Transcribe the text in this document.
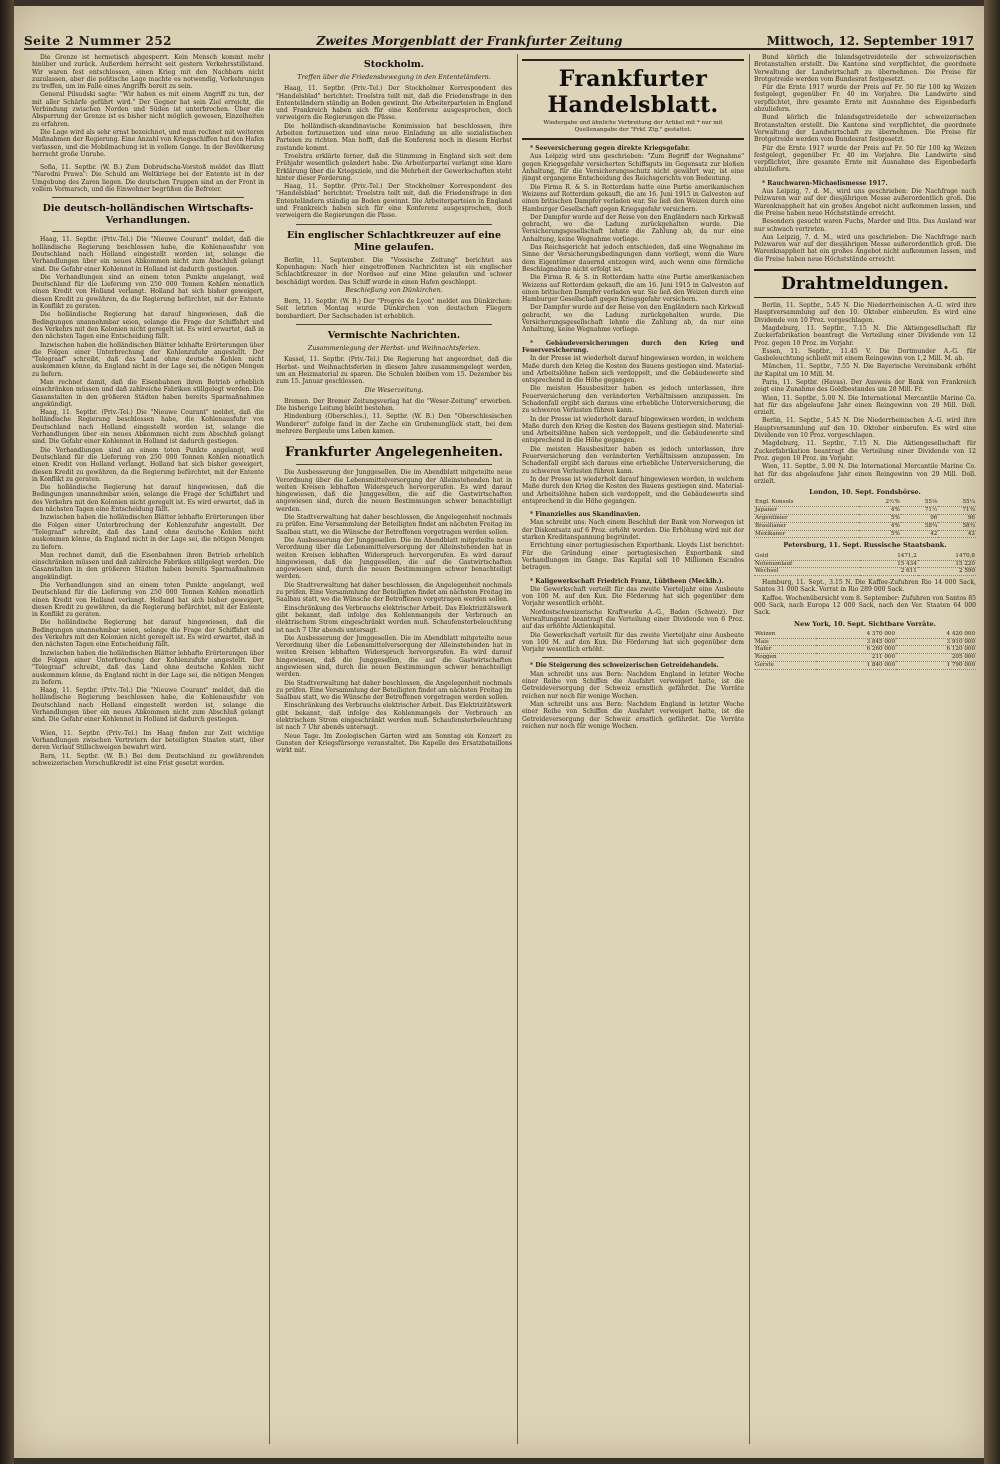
Seite 2 Nummer 252	Zweites Morgenblatt der Frankfurter Zeitung	Mittwoch, 12. September 1917

Die Grenze ist hermetisch abgesperrt. Kein Mensch kommt mehr hinüber und zurück. Außerdem herrscht seit gestern Verkehrsstillstand. Wir waren fest entschlossen, einen Krieg mit den Nachbarn nicht zuzulassen, aber die politische Lage machte es notwendig, Vorkehrungen zu treffen, um im Falle eines Angriffs bereit zu sein.

General Pilsudski sagte: "Wir haben es mit einem Angriff zu tun, der mit aller Schärfe geführt wird." Der Gegner hat sein Ziel erreicht, die Verbindung zwischen Norden und Süden ist unterbrochen. Über die Absperrung der Grenze ist es bisher nicht möglich gewesen, Einzelheiten zu erfahren.

Die Lage wird als sehr ernst bezeichnet, und man rechnet mit weiteren Maßnahmen der Regierung. Eine Anzahl von Kriegsschiffen hat den Hafen verlassen, und die Mobilmachung ist in vollem Gange. In der Bevölkerung herrscht große Unruhe.

Sofia, 11. Septbr. (W. B.) Zum Dobrudscha-Vorstoß meldet das Blatt "Narodni Prawa": Die Schuld am Weltkriege bei der Entente ist in der Umgebung des Zaren liegen. Die deutschen Truppen sind an der Front in vollem Vormarsch, und die Einwohner begrüßen die Befreier.

Die deutsch-holländischen Wirtschafts-Verhandlungen.

Haag, 11. Septbr. (Priv.-Tel.) Die "Nieuwe Courant" meldet, daß die holländische Regierung beschlossen habe, die Kohlenausfuhr von Deutschland nach Holland eingestellt worden ist, solange die Verhandlungen über ein neues Abkommen nicht zum Abschluß gelangt sind. Die Gefahr einer Kohlennot in Holland ist dadurch gestiegen.

Die Verhandlungen sind an einem toten Punkte angelangt, weil Deutschland für die Lieferung von 250 000 Tonnen Kohlen monatlich einen Kredit von Holland verlangt. Holland hat sich bisher geweigert, diesen Kredit zu gewähren, da die Regierung befürchtet, mit der Entente in Konflikt zu geraten.

Die holländische Regierung hat darauf hingewiesen, daß die Bedingungen unannehmbar seien, solange die Frage der Schiffahrt und des Verkehrs mit den Kolonien nicht geregelt ist. Es wird erwartet, daß in den nächsten Tagen eine Entscheidung fällt.

Inzwischen haben die holländischen Blätter lebhafte Erörterungen über die Folgen einer Unterbrechung der Kohlenzufuhr angestellt. Der "Telegraaf" schreibt, daß das Land ohne deutsche Kohlen nicht auskommen könne, da England nicht in der Lage sei, die nötigen Mengen zu liefern.

Man rechnet damit, daß die Eisenbahnen ihren Betrieb erheblich einschränken müssen und daß zahlreiche Fabriken stillgelegt werden. Die Gasanstalten in den größeren Städten haben bereits Sparmaßnahmen angekündigt.

Haag, 11. Septbr. (Priv.-Tel.) Die "Nieuwe Courant" meldet, daß die holländische Regierung beschlossen habe, die Kohlenausfuhr von Deutschland nach Holland eingestellt worden ist, solange die Verhandlungen über ein neues Abkommen nicht zum Abschluß gelangt sind. Die Gefahr einer Kohlennot in Holland ist dadurch gestiegen.

Die Verhandlungen sind an einem toten Punkte angelangt, weil Deutschland für die Lieferung von 250 000 Tonnen Kohlen monatlich einen Kredit von Holland verlangt. Holland hat sich bisher geweigert, diesen Kredit zu gewähren, da die Regierung befürchtet, mit der Entente in Konflikt zu geraten.

Die holländische Regierung hat darauf hingewiesen, daß die Bedingungen unannehmbar seien, solange die Frage der Schiffahrt und des Verkehrs mit den Kolonien nicht geregelt ist. Es wird erwartet, daß in den nächsten Tagen eine Entscheidung fällt.

Inzwischen haben die holländischen Blätter lebhafte Erörterungen über die Folgen einer Unterbrechung der Kohlenzufuhr angestellt. Der "Telegraaf" schreibt, daß das Land ohne deutsche Kohlen nicht auskommen könne, da England nicht in der Lage sei, die nötigen Mengen zu liefern.

Man rechnet damit, daß die Eisenbahnen ihren Betrieb erheblich einschränken müssen und daß zahlreiche Fabriken stillgelegt werden. Die Gasanstalten in den größeren Städten haben bereits Sparmaßnahmen angekündigt.

Die Verhandlungen sind an einem toten Punkte angelangt, weil Deutschland für die Lieferung von 250 000 Tonnen Kohlen monatlich einen Kredit von Holland verlangt. Holland hat sich bisher geweigert, diesen Kredit zu gewähren, da die Regierung befürchtet, mit der Entente in Konflikt zu geraten.

Die holländische Regierung hat darauf hingewiesen, daß die Bedingungen unannehmbar seien, solange die Frage der Schiffahrt und des Verkehrs mit den Kolonien nicht geregelt ist. Es wird erwartet, daß in den nächsten Tagen eine Entscheidung fällt.

Inzwischen haben die holländischen Blätter lebhafte Erörterungen über die Folgen einer Unterbrechung der Kohlenzufuhr angestellt. Der "Telegraaf" schreibt, daß das Land ohne deutsche Kohlen nicht auskommen könne, da England nicht in der Lage sei, die nötigen Mengen zu liefern.

Haag, 11. Septbr. (Priv.-Tel.) Die "Nieuwe Courant" meldet, daß die holländische Regierung beschlossen habe, die Kohlenausfuhr von Deutschland nach Holland eingestellt worden ist, solange die Verhandlungen über ein neues Abkommen nicht zum Abschluß gelangt sind. Die Gefahr einer Kohlennot in Holland ist dadurch gestiegen.

Wien, 11. Septbr. (Priv.-Tel.) Im Haag finden zur Zeit wichtige Verhandlungen zwischen Vertretern der beteiligten Staaten statt, über deren Verlauf Stillschweigen bewahrt wird.

Bern, 11. Septbr. (W. B.) Bei dem Deutschland zu gewährenden schweizerischen Vorschußkredit ist eine Frist gesetzt worden.

Stockholm.
Treffen über die Friedensbewegung in den Ententeländern.

Haag, 11. Septbr. (Priv.-Tel.) Der Stockholmer Korrespondent des "Handelsblad" berichtet: Troelstra teilt mit, daß die Friedensfrage in den Ententeländern ständig an Boden gewinnt. Die Arbeiterparteien in England und Frankreich haben sich für eine Konferenz ausgesprochen, doch verweigern die Regierungen die Pässe.

Die holländisch-skandinavische Kommission hat beschlossen, ihre Arbeiten fortzusetzen und eine neue Einladung an alle sozialistischen Parteien zu richten. Man hofft, daß die Konferenz noch in diesem Herbst zustande kommt.

Troelstra erklärte ferner, daß die Stimmung in England sich seit dem Frühjahr wesentlich geändert habe. Die Arbeiterpartei verlangt eine klare Erklärung über die Kriegsziele, und die Mehrheit der Gewerkschaften steht hinter dieser Forderung.

Haag, 11. Septbr. (Priv.-Tel.) Der Stockholmer Korrespondent des "Handelsblad" berichtet: Troelstra teilt mit, daß die Friedensfrage in den Ententeländern ständig an Boden gewinnt. Die Arbeiterparteien in England und Frankreich haben sich für eine Konferenz ausgesprochen, doch verweigern die Regierungen die Pässe.

Ein englischer Schlachtkreuzer auf eine Mine gelaufen.

Berlin, 11. September. Die "Vossische Zeitung" berichtet aus Kopenhagen: Nach hier eingetroffenen Nachrichten ist ein englischer Schlachtkreuzer in der Nordsee auf eine Mine gelaufen und schwer beschädigt worden. Das Schiff wurde in einen Hafen geschleppt.

Beschießung von Dünkirchen.

Bern, 11. Septbr. (W. B.) Der "Progrès de Lyon" meldet aus Dünkirchen: Seit letzten Montag wurde Dünkirchen von deutschen Fliegern bombardiert. Der Sachschaden ist erheblich.

Vermischte Nachrichten.
Zusammenlegung der Herbst- und Weihnachtsferien.

Kassel, 11. Septbr. (Priv.-Tel.) Die Regierung hat angeordnet, daß die Herbst- und Weihnachtsferien in diesem Jahre zusammengelegt werden, um an Heizmaterial zu sparen. Die Schulen bleiben vom 15. Dezember bis zum 15. Januar geschlossen.

Die Weserzeitung.

Bremen. Der Bremer Zeitungsverlag hat die "Weser-Zeitung" erworben. Die bisherige Leitung bleibt bestehen.

Hindenburg (Oberschles.), 11. Septbr. (W. B.) Den "Oberschlesischen Wanderer" zufolge fand in der Zeche ein Grubenunglück statt, bei dem mehrere Bergleute ums Leben kamen.

Frankfurter Angelegenheiten.

Die Ausbesserung der Junggesellen. Die im Abendblatt mitgeteilte neue Verordnung über die Lebensmittelversorgung der Alleinstehenden hat in weiten Kreisen lebhaften Widerspruch hervorgerufen. Es wird darauf hingewiesen, daß die Junggesellen, die auf die Gastwirtschaften angewiesen sind, durch die neuen Bestimmungen schwer benachteiligt werden.

Die Stadtverwaltung hat daher beschlossen, die Angelegenheit nochmals zu prüfen. Eine Versammlung der Beteiligten findet am nächsten Freitag im Saalbau statt, wo die Wünsche der Betroffenen vorgetragen werden sollen.

Die Ausbesserung der Junggesellen. Die im Abendblatt mitgeteilte neue Verordnung über die Lebensmittelversorgung der Alleinstehenden hat in weiten Kreisen lebhaften Widerspruch hervorgerufen. Es wird darauf hingewiesen, daß die Junggesellen, die auf die Gastwirtschaften angewiesen sind, durch die neuen Bestimmungen schwer benachteiligt werden.

Die Stadtverwaltung hat daher beschlossen, die Angelegenheit nochmals zu prüfen. Eine Versammlung der Beteiligten findet am nächsten Freitag im Saalbau statt, wo die Wünsche der Betroffenen vorgetragen werden sollen.

Einschränkung des Verbrauchs elektrischer Arbeit. Das Elektrizitätswerk gibt bekannt, daß infolge des Kohlenmangels der Verbrauch an elektrischem Strom eingeschränkt werden muß. Schaufensterbeleuchtung ist nach 7 Uhr abends untersagt.

Die Ausbesserung der Junggesellen. Die im Abendblatt mitgeteilte neue Verordnung über die Lebensmittelversorgung der Alleinstehenden hat in weiten Kreisen lebhaften Widerspruch hervorgerufen. Es wird darauf hingewiesen, daß die Junggesellen, die auf die Gastwirtschaften angewiesen sind, durch die neuen Bestimmungen schwer benachteiligt werden.

Die Stadtverwaltung hat daher beschlossen, die Angelegenheit nochmals zu prüfen. Eine Versammlung der Beteiligten findet am nächsten Freitag im Saalbau statt, wo die Wünsche der Betroffenen vorgetragen werden sollen.

Einschränkung des Verbrauchs elektrischer Arbeit. Das Elektrizitätswerk gibt bekannt, daß infolge des Kohlenmangels der Verbrauch an elektrischem Strom eingeschränkt werden muß. Schaufensterbeleuchtung ist nach 7 Uhr abends untersagt.

Neue Tage. Im Zoologischen Garten wird am Sonntag ein Konzert zu Gunsten der Kriegsfürsorge veranstaltet. Die Kapelle des Ersatzbataillons wirkt mit.

Frankfurter Handelsblatt.
Wiedergabe und ähnliche Verbreitung der Artikel mit * nur mit Quellenangabe der "Frkf. Ztg." gestattet.

* Seeversicherung gegen direkte Kriegsgefahr.

Aus Leipzig wird uns geschrieben: "Zum Begriff der Wegnahme" gegen Kriegsgefahr versicherten Schiffsguts im Gegensatz zur bloßen Anhaltung, für die Versicherungsschutz nicht gewährt war, ist eine jüngst ergangene Entscheidung des Reichsgerichts von Bedeutung.

Die Firma R. & S. in Rotterdam hatte eine Partie amerikanischen Weizens auf Rotterdam gekauft, die am 16. Juni 1915 in Galveston auf einen britischen Dampfer verladen war. Sie ließ den Weizen durch eine Hamburger Gesellschaft gegen Kriegsgefahr versichern.

Der Dampfer wurde auf der Reise von den Engländern nach Kirkwall gebracht, wo die Ladung zurückgehalten wurde. Die Versicherungsgesellschaft lehnte die Zahlung ab, da nur eine Anhaltung, keine Wegnahme vorliege.

Das Reichsgericht hat jedoch entschieden, daß eine Wegnahme im Sinne der Versicherungsbedingungen dann vorliegt, wenn die Ware dem Eigentümer dauernd entzogen wird, auch wenn eine förmliche Beschlagnahme nicht erfolgt ist.

Die Firma R. & S. in Rotterdam hatte eine Partie amerikanischen Weizens auf Rotterdam gekauft, die am 16. Juni 1915 in Galveston auf einen britischen Dampfer verladen war. Sie ließ den Weizen durch eine Hamburger Gesellschaft gegen Kriegsgefahr versichern.

Der Dampfer wurde auf der Reise von den Engländern nach Kirkwall gebracht, wo die Ladung zurückgehalten wurde. Die Versicherungsgesellschaft lehnte die Zahlung ab, da nur eine Anhaltung, keine Wegnahme vorliege.

* Gebäudeversicherungen durch den Krieg und Feuerversicherung.

In der Presse ist wiederholt darauf hingewiesen worden, in welchem Maße durch den Krieg die Kosten des Bauens gestiegen sind. Material- und Arbeitslöhne haben sich verdoppelt, und die Gebäudewerte sind entsprechend in die Höhe gegangen.

Die meisten Hausbesitzer haben es jedoch unterlassen, ihre Feuerversicherung den veränderten Verhältnissen anzupassen. Im Schadenfall ergibt sich daraus eine erhebliche Unterversicherung, die zu schweren Verlusten führen kann.

In der Presse ist wiederholt darauf hingewiesen worden, in welchem Maße durch den Krieg die Kosten des Bauens gestiegen sind. Material- und Arbeitslöhne haben sich verdoppelt, und die Gebäudewerte sind entsprechend in die Höhe gegangen.

Die meisten Hausbesitzer haben es jedoch unterlassen, ihre Feuerversicherung den veränderten Verhältnissen anzupassen. Im Schadenfall ergibt sich daraus eine erhebliche Unterversicherung, die zu schweren Verlusten führen kann.

In der Presse ist wiederholt darauf hingewiesen worden, in welchem Maße durch den Krieg die Kosten des Bauens gestiegen sind. Material- und Arbeitslöhne haben sich verdoppelt, und die Gebäudewerte sind entsprechend in die Höhe gegangen.

* Finanzielles aus Skandinavien.

Man schreibt uns: Nach einem Beschluß der Bank von Norwegen ist der Diskontsatz auf 6 Proz. erhöht worden. Die Erhöhung wird mit der starken Kreditanspannung begründet.

Errichtung einer portugiesischen Exportbank. Lloyds List berichtet: Für die Gründung einer portugiesischen Exportbank sind Verhandlungen im Gange. Das Kapital soll 10 Millionen Escudos betragen.

* Kaligewerkschaft Friedrich Franz, Lübtheen (Mecklb.).

Die Gewerkschaft verteilt für das zweite Vierteljahr eine Ausbeute von 100 M. auf den Kux. Die Förderung hat sich gegenüber dem Vorjahr wesentlich erhöht.

Nordostschweizerische Kraftwerke A.-G., Baden (Schweiz). Der Verwaltungsrat beantragt die Verteilung einer Dividende von 6 Proz. auf das erhöhte Aktienkapital.

Die Gewerkschaft verteilt für das zweite Vierteljahr eine Ausbeute von 100 M. auf den Kux. Die Förderung hat sich gegenüber dem Vorjahr wesentlich erhöht.

* Die Steigerung des schweizerischen Getreidehandels.

Man schreibt uns aus Bern: Nachdem England in letzter Woche einer Reihe von Schiffen die Ausfahrt verweigert hatte, ist die Getreideversorgung der Schweiz ernstlich gefährdet. Die Vorräte reichen nur noch für wenige Wochen.

Man schreibt uns aus Bern: Nachdem England in letzter Woche einer Reihe von Schiffen die Ausfahrt verweigert hatte, ist die Getreideversorgung der Schweiz ernstlich gefährdet. Die Vorräte reichen nur noch für wenige Wochen.

Bund körlich die Inlandsgetreideteile der schweizerischen Brotanstalten erstellt. Die Kantone sind verpflichtet, die geordnete Verwaltung der Landwirtschaft zu übernehmen. Die Preise für Brotgetreide werden vom Bundesrat festgesetzt.

Für die Ernte 1917 wurde der Preis auf Fr. 50 für 100 kg Weizen festgelegt, gegenüber Fr. 40 im Vorjahre. Die Landwirte sind verpflichtet, ihre gesamte Ernte mit Ausnahme des Eigenbedarfs abzuliefern.

Bund körlich die Inlandsgetreideteile der schweizerischen Brotanstalten erstellt. Die Kantone sind verpflichtet, die geordnete Verwaltung der Landwirtschaft zu übernehmen. Die Preise für Brotgetreide werden vom Bundesrat festgesetzt.

Für die Ernte 1917 wurde der Preis auf Fr. 50 für 100 kg Weizen festgelegt, gegenüber Fr. 40 im Vorjahre. Die Landwirte sind verpflichtet, ihre gesamte Ernte mit Ausnahme des Eigenbedarfs abzuliefern.

* Rauchwaren-Michaelismesse 1917.

Aus Leipzig, 7. d. M., wird uns geschrieben: Die Nachfrage nach Pelzwaren war auf der diesjährigen Messe außerordentlich groß. Die Warenknappheit hat ein großes Angebot nicht aufkommen lassen, und die Preise haben neue Höchststände erreicht.

Besonders gesucht waren Fuchs, Marder und Iltis. Das Ausland war nur schwach vertreten.

Aus Leipzig, 7. d. M., wird uns geschrieben: Die Nachfrage nach Pelzwaren war auf der diesjährigen Messe außerordentlich groß. Die Warenknappheit hat ein großes Angebot nicht aufkommen lassen, und die Preise haben neue Höchststände erreicht.

Drahtmeldungen.

Berlin, 11. Septbr., 5.45 N. Die Niederrheinischen A.-G. wird ihre Hauptversammlung auf den 10. Oktober einberufen. Es wird eine Dividende von 10 Proz. vorgeschlagen.

Magdeburg, 11. Septbr., 7.15 N. Die Aktiengesellschaft für Zuckerfabrikation beantragt die Verteilung einer Dividende von 12 Proz. gegen 10 Proz. im Vorjahr.

Essen, 11. Septbr., 11.45 V. Die Dortmunder A.-G. für Gasbeleuchtung schließt mit einem Reingewinn von 1,2 Mill. M. ab.

München, 11. Septbr., 7.55 N. Die Bayerische Vereinsbank erhöht ihr Kapital um 10 Mill. M.

Paris, 11. Septbr. (Havas). Der Ausweis der Bank von Frankreich zeigt eine Zunahme des Goldbestandes um 28 Mill. Fr.

Wien, 11. Septbr., 5.00 N. Die International Mercantile Marine Co. hat für das abgelaufene Jahr einen Reingewinn von 29 Mill. Doll. erzielt.

Berlin, 11. Septbr., 5.45 N. Die Niederrheinischen A.-G. wird ihre Hauptversammlung auf den 10. Oktober einberufen. Es wird eine Dividende von 10 Proz. vorgeschlagen.

Magdeburg, 11. Septbr., 7.15 N. Die Aktiengesellschaft für Zuckerfabrikation beantragt die Verteilung einer Dividende von 12 Proz. gegen 10 Proz. im Vorjahr.

Wien, 11. Septbr., 5.00 N. Die International Mercantile Marine Co. hat für das abgelaufene Jahr einen Reingewinn von 29 Mill. Doll. erzielt.

London, 10. Sept. Fondsbörse.
Engl. Konsols	2½%	55⅛	55¼
Japaner	4%	71½	71¾
Argentinier	5%	96	96
Brasilianer	4%	58¾	58¾
Mexikaner	5%	42	42
Petersburg, 11. Sept. Russische Staatsbank.
Gold	1471,2	1470,8
Notenumlauf	15 434	15 220
Wechsel	2 611	2 590

Hamburg, 11. Sept., 3.15 N. Die Kaffee-Zufuhren Rio 14 000 Sack, Santos 31 000 Sack. Vorrat in Rio 289 000 Sack.

Kaffee. Wochenübersicht vom 8. September: Zufuhren von Santos 85 000 Sack, nach Europa 12 000 Sack, nach den Ver. Staaten 64 000 Sack.

New York, 10. Sept. Sichtbare Vorräte.
Weizen	4 370 000	4 420 000
Mais	3 845 000	3 910 000
Hafer	6 260 000	6 120 000
Roggen	211 000	205 000
Gerste	1 840 000	1 790 000
